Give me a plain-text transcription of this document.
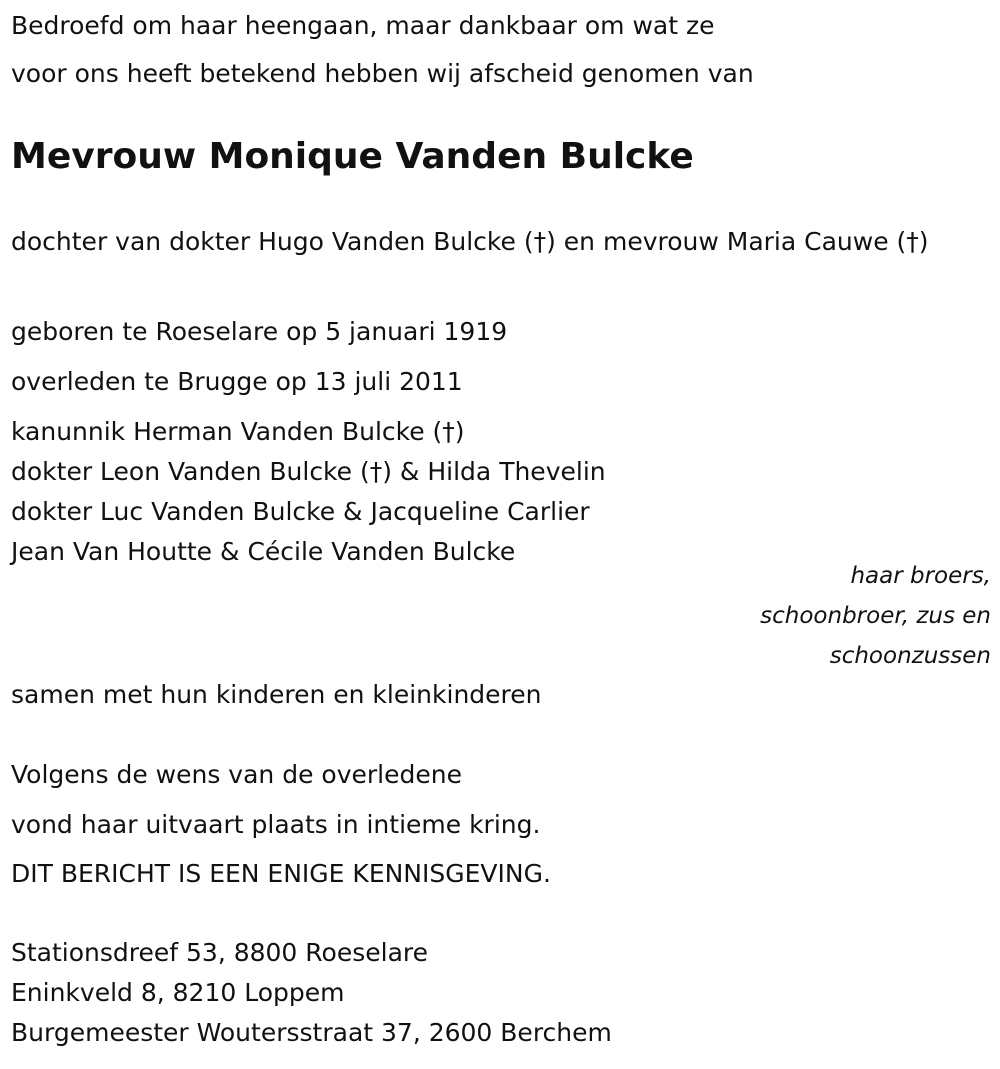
Bedroefd om haar heengaan, maar dankbaar om wat ze
voor ons heeft betekend hebben wij afscheid genomen van
Mevrouw Monique Vanden Bulcke
dochter van dokter Hugo Vanden Bulcke (†) en mevrouw Maria Cauwe (†)
geboren te Roeselare op 5 januari 1919
overleden te Brugge op 13 juli 2011
kanunnik Herman Vanden Bulcke (†)
dokter Leon Vanden Bulcke (†) & Hilda Thevelin
dokter Luc Vanden Bulcke & Jacqueline Carlier
Jean Van Houtte & Cécile Vanden Bulcke
haar broers,
schoonbroer, zus en
schoonzussen
samen met hun kinderen en kleinkinderen
Volgens de wens van de overledene
vond haar uitvaart plaats in intieme kring.
DIT BERICHT IS EEN ENIGE KENNISGEVING.
Stationsdreef 53, 8800 Roeselare
Eninkveld 8, 8210 Loppem
Burgemeester Woutersstraat 37, 2600 Berchem
